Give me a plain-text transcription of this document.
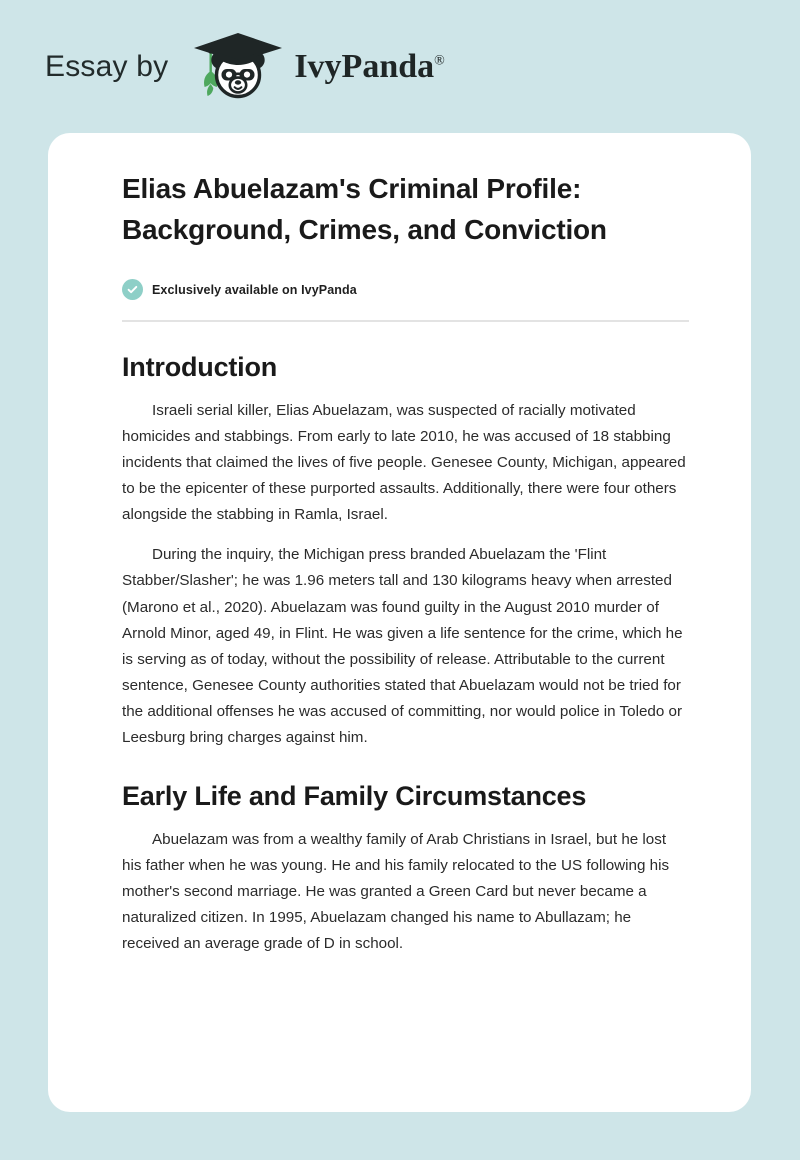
Essay by	IvyPanda®
Elias Abuelazam's Criminal Profile: Background, Crimes, and Conviction
Exclusively available on IvyPanda
Introduction

Israeli serial killer, Elias Abuelazam, was suspected of racially motivated homicides and stabbings. From early to late 2010, he was accused of 18 stabbing incidents that claimed the lives of five people. Genesee County, Michigan, appeared to be the epicenter of these purported assaults. Additionally, there were four others alongside the stabbing in Ramla, Israel.

During the inquiry, the Michigan press branded Abuelazam the 'Flint Stabber/Slasher'; he was 1.96 meters tall and 130 kilograms heavy when arrested (Marono et al., 2020). Abuelazam was found guilty in the August 2010 murder of Arnold Minor, aged 49, in Flint. He was given a life sentence for the crime, which he is serving as of today, without the possibility of release. Attributable to the current sentence, Genesee County authorities stated that Abuelazam would not be tried for the additional offenses he was accused of committing, nor would police in Toledo or Leesburg bring charges against him.

Early Life and Family Circumstances

Abuelazam was from a wealthy family of Arab Christians in Israel, but he lost his father when he was young. He and his family relocated to the US following his mother's second marriage. He was granted a Green Card but never became a naturalized citizen. In 1995, Abuelazam changed his name to Abullazam; he received an average grade of D in school.
